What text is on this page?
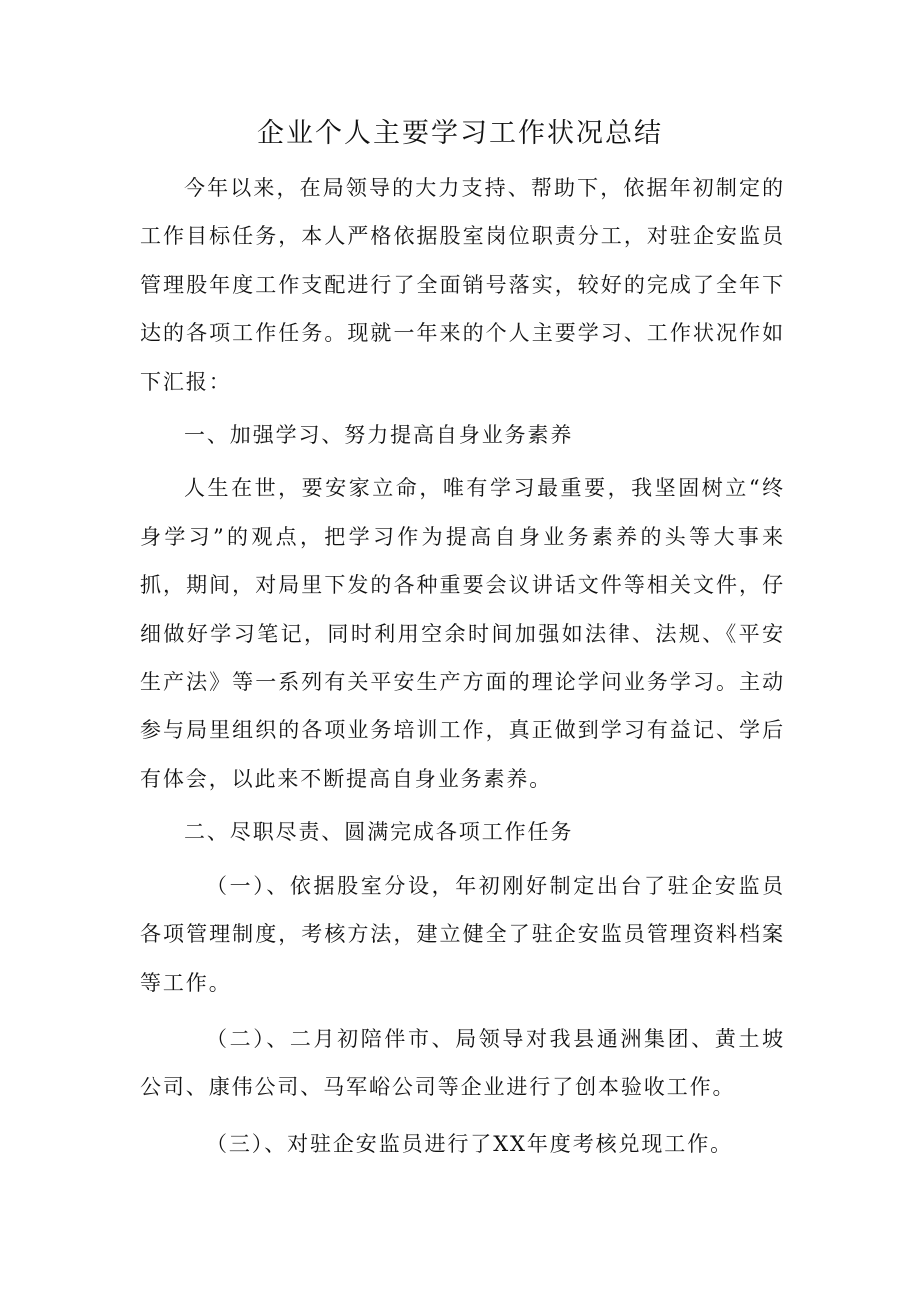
企业个人主要学习工作状况总结

今年以来，在局领导的大力支持、帮助下，依据年初制定的工作目标任务，本人严格依据股室岗位职责分工，对驻企安监员管理股年度工作支配进行了全面销号落实，较好的完成了全年下达的各项工作任务。现就一年来的个人主要学习、工作状况作如下汇报：

一、加强学习、努力提高自身业务素养

人生在世，要安家立命，唯有学习最重要，我坚固树立“终身学习”的观点，把学习作为提高自身业务素养的头等大事来抓，期间，对局里下发的各种重要会议讲话文件等相关文件，仔细做好学习笔记，同时利用空余时间加强如法律、法规、《平安生产法》等一系列有关平安生产方面的理论学问业务学习。主动参与局里组织的各项业务培训工作，真正做到学习有益记、学后有体会，以此来不断提高自身业务素养。

二、尽职尽责、圆满完成各项工作任务

（一）、依据股室分设，年初刚好制定出台了驻企安监员各项管理制度，考核方法，建立健全了驻企安监员管理资料档案等工作。

（二）、二月初陪伴市、局领导对我县通洲集团、黄土坡公司、康伟公司、马军峪公司等企业进行了创本验收工作。

（三）、对驻企安监员进行了XX年度考核兑现工作。
